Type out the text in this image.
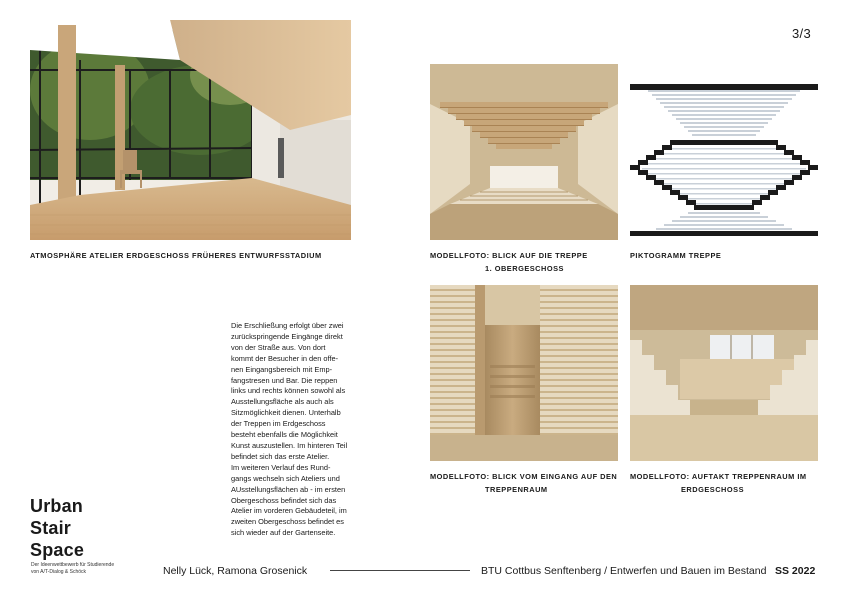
3/3
ATMOSPHÄRE ATELIER ERDGESCHOSS FRÜHERES ENTWURFSSTADIUM	MODELLFOTO: BLICK AUF DIE TREPPE
1. OBERGESCHOSS
PIKTOGRAMM TREPPE
MODELLFOTO: BLICK VOM EINGANG AUF DEN
TREPPENRAUM
MODELLFOTO: AUFTAKT TREPPENRAUM IM
ERDGESCHOSS
Die Erschließung erfolgt über zwei
zurückspringende Eingänge direkt
von der Straße aus. Von dort
kommt der Besucher in den offe-
nen Eingangsbereich mit Emp-
fangstresen und Bar. Die reppen
links und rechts können sowohl als
Ausstellungsfläche als auch als
Sitzmöglichkeit dienen. Unterhalb
der Treppen im Erdgeschoss
besteht ebenfalls die Möglichkeit
Kunst auszustellen. Im hinteren Teil
befindet sich das erste Atelier.
Im weiteren Verlauf des Rund-
gangs wechseln sich Ateliers und
AUsstellungsflächen ab - im ersten
Obergeschoss befindet sich das
Atelier im vorderen Gebäudeteil, im
zweiten Obergeschoss befindet es
sich wieder auf der Gartenseite.
Urban
Stair
Space
Der Ideenwettbewerb für Studierende
von A/T-Dialog & Schöck	Nelly Lück, Ramona Grosenick	BTU Cottbus Senftenberg / Entwerfen und Bauen im Bestand SS 2022
